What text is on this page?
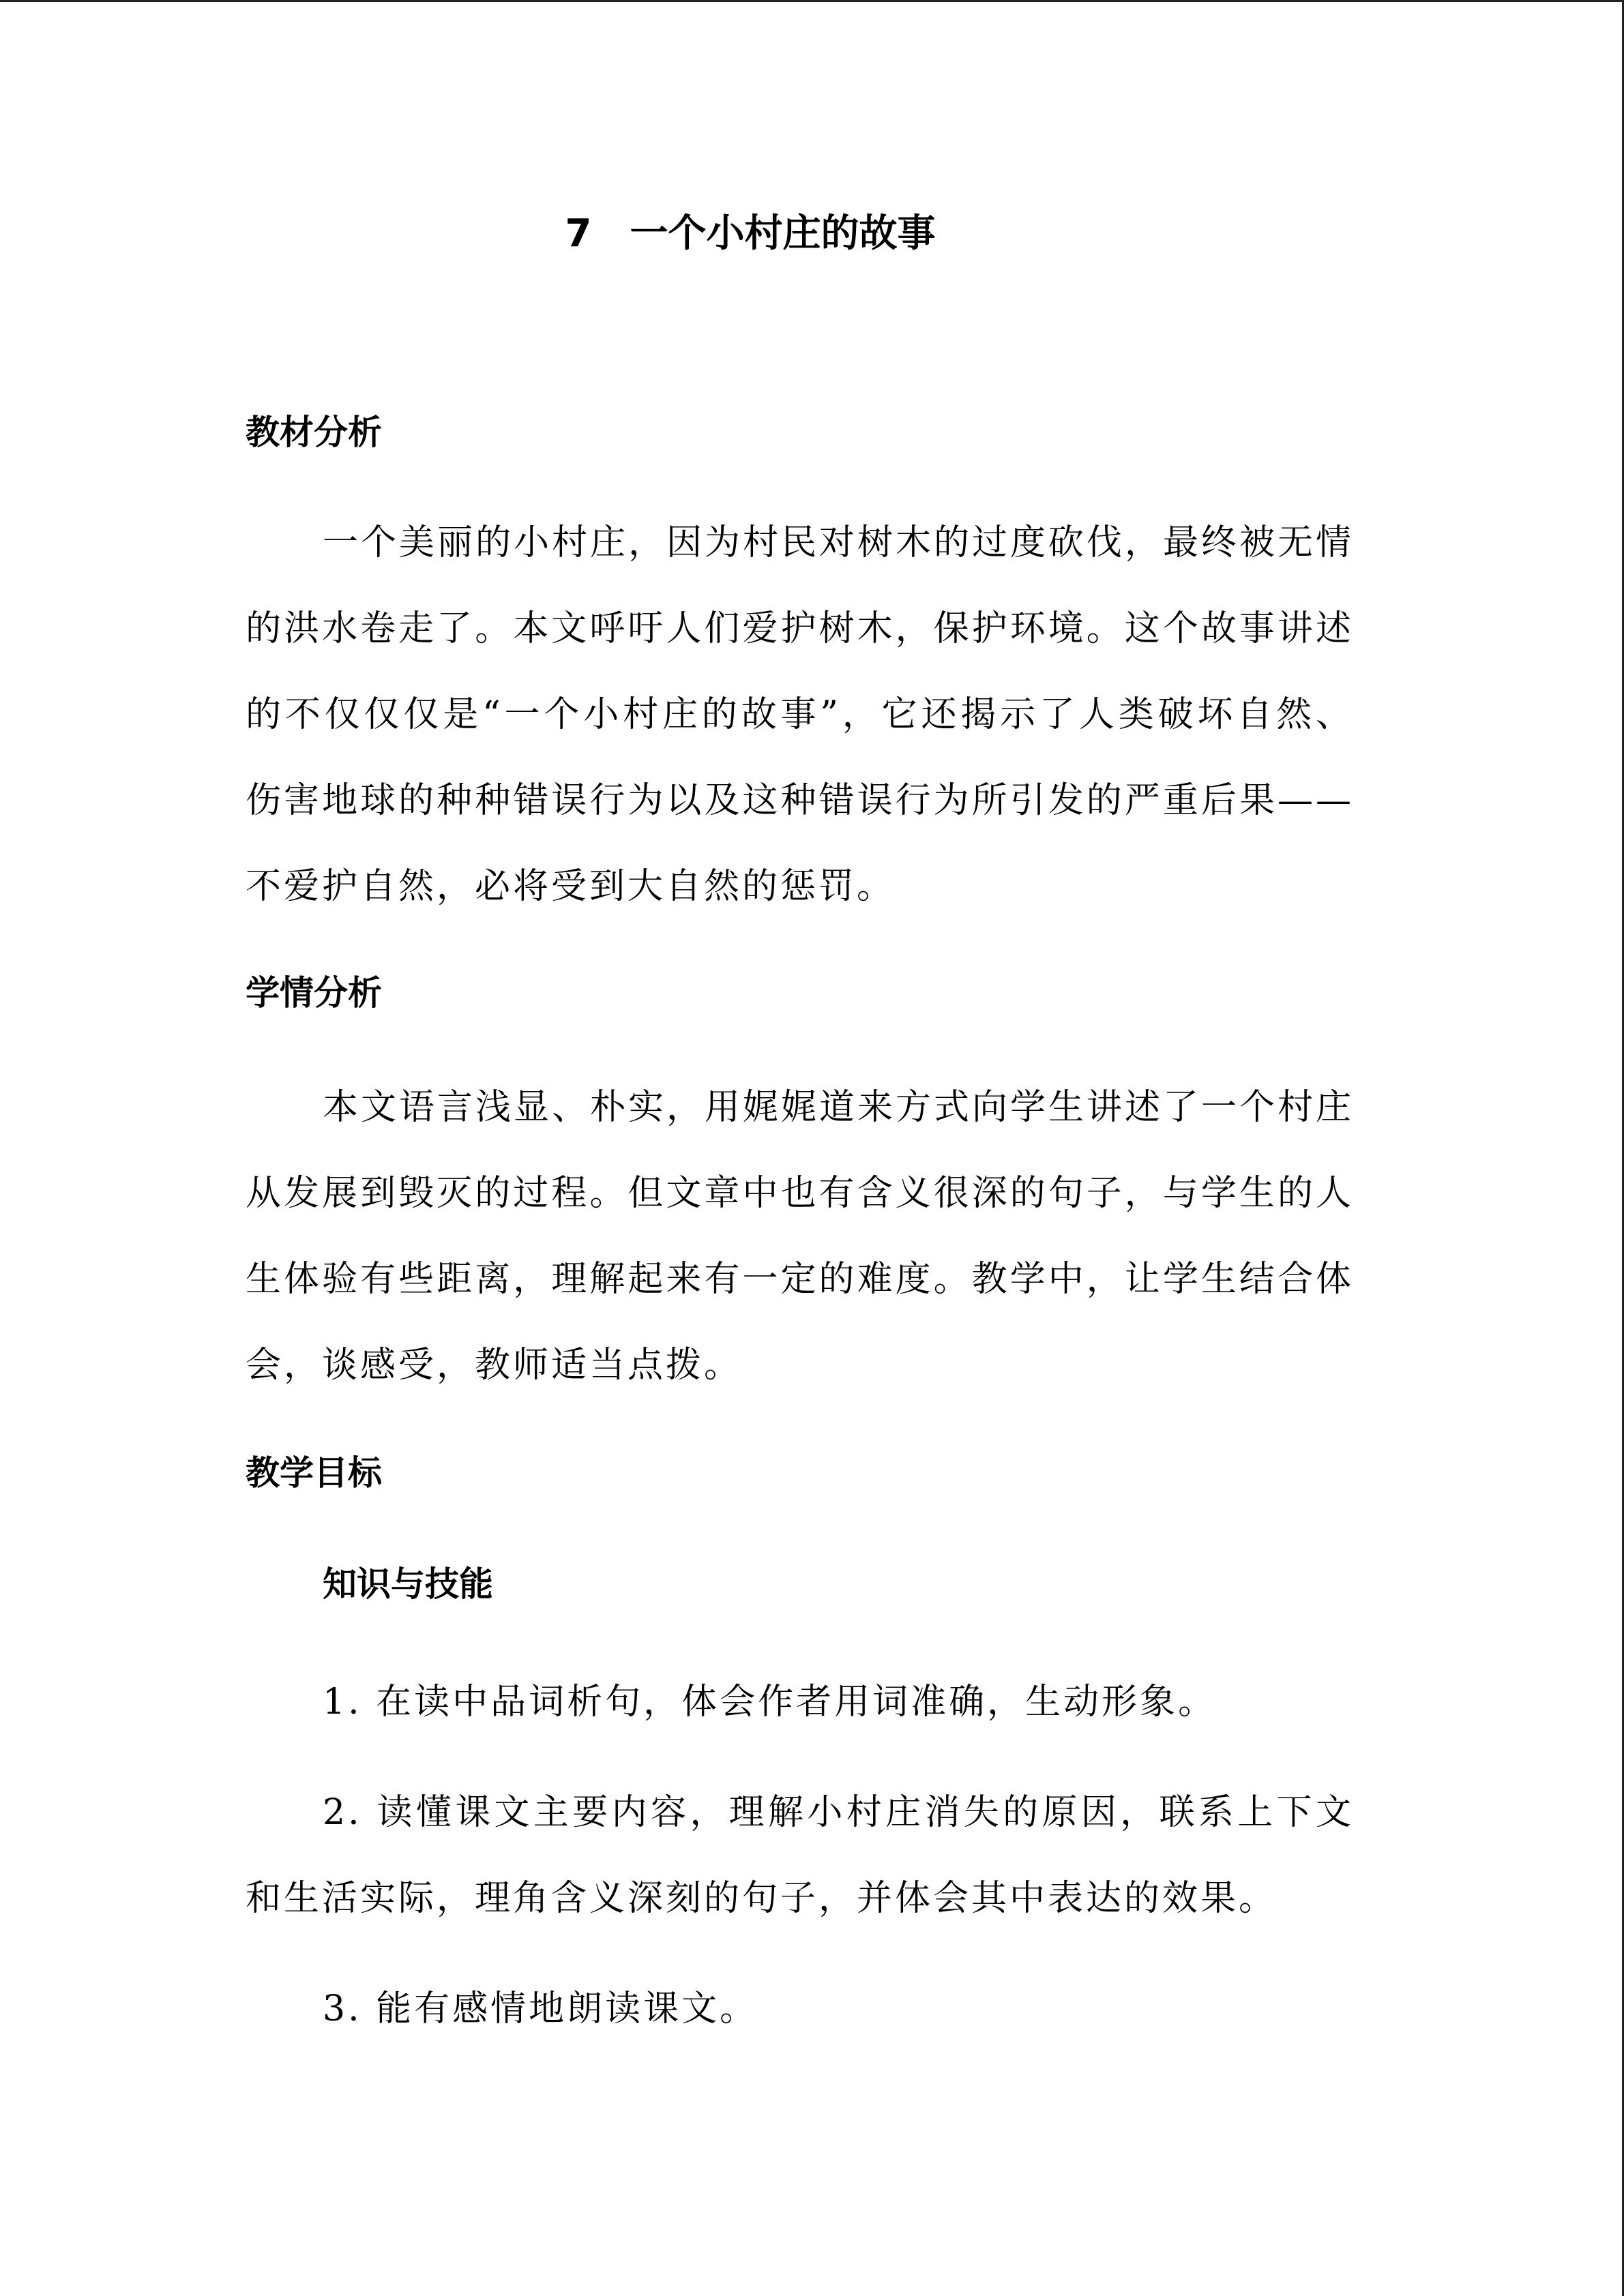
7　一个小村庄的故事
教材分析

一个美丽的小村庄，因为村民对树木的过度砍伐，最终被无情的洪水卷走了。本文呼吁人们爱护树木，保护环境。这个故事讲述的不仅仅仅是“一个小村庄的故事”，它还揭示了人类破坏自然、伤害地球的种种错误行为以及这种错误行为所引发的严重后果——不爱护自然，必将受到大自然的惩罚。

学情分析

本文语言浅显、朴实，用娓娓道来方式向学生讲述了一个村庄从发展到毁灭的过程。但文章中也有含义很深的句子，与学生的人生体验有些距离，理解起来有一定的难度。教学中，让学生结合体会，谈感受，教师适当点拨。

教学目标
知识与技能

1. 在读中品词析句，体会作者用词准确，生动形象。

2. 读懂课文主要内容，理解小村庄消失的原因，联系上下文和生活实际，理角含义深刻的句子，并体会其中表达的效果。

3. 能有感情地朗读课文。
